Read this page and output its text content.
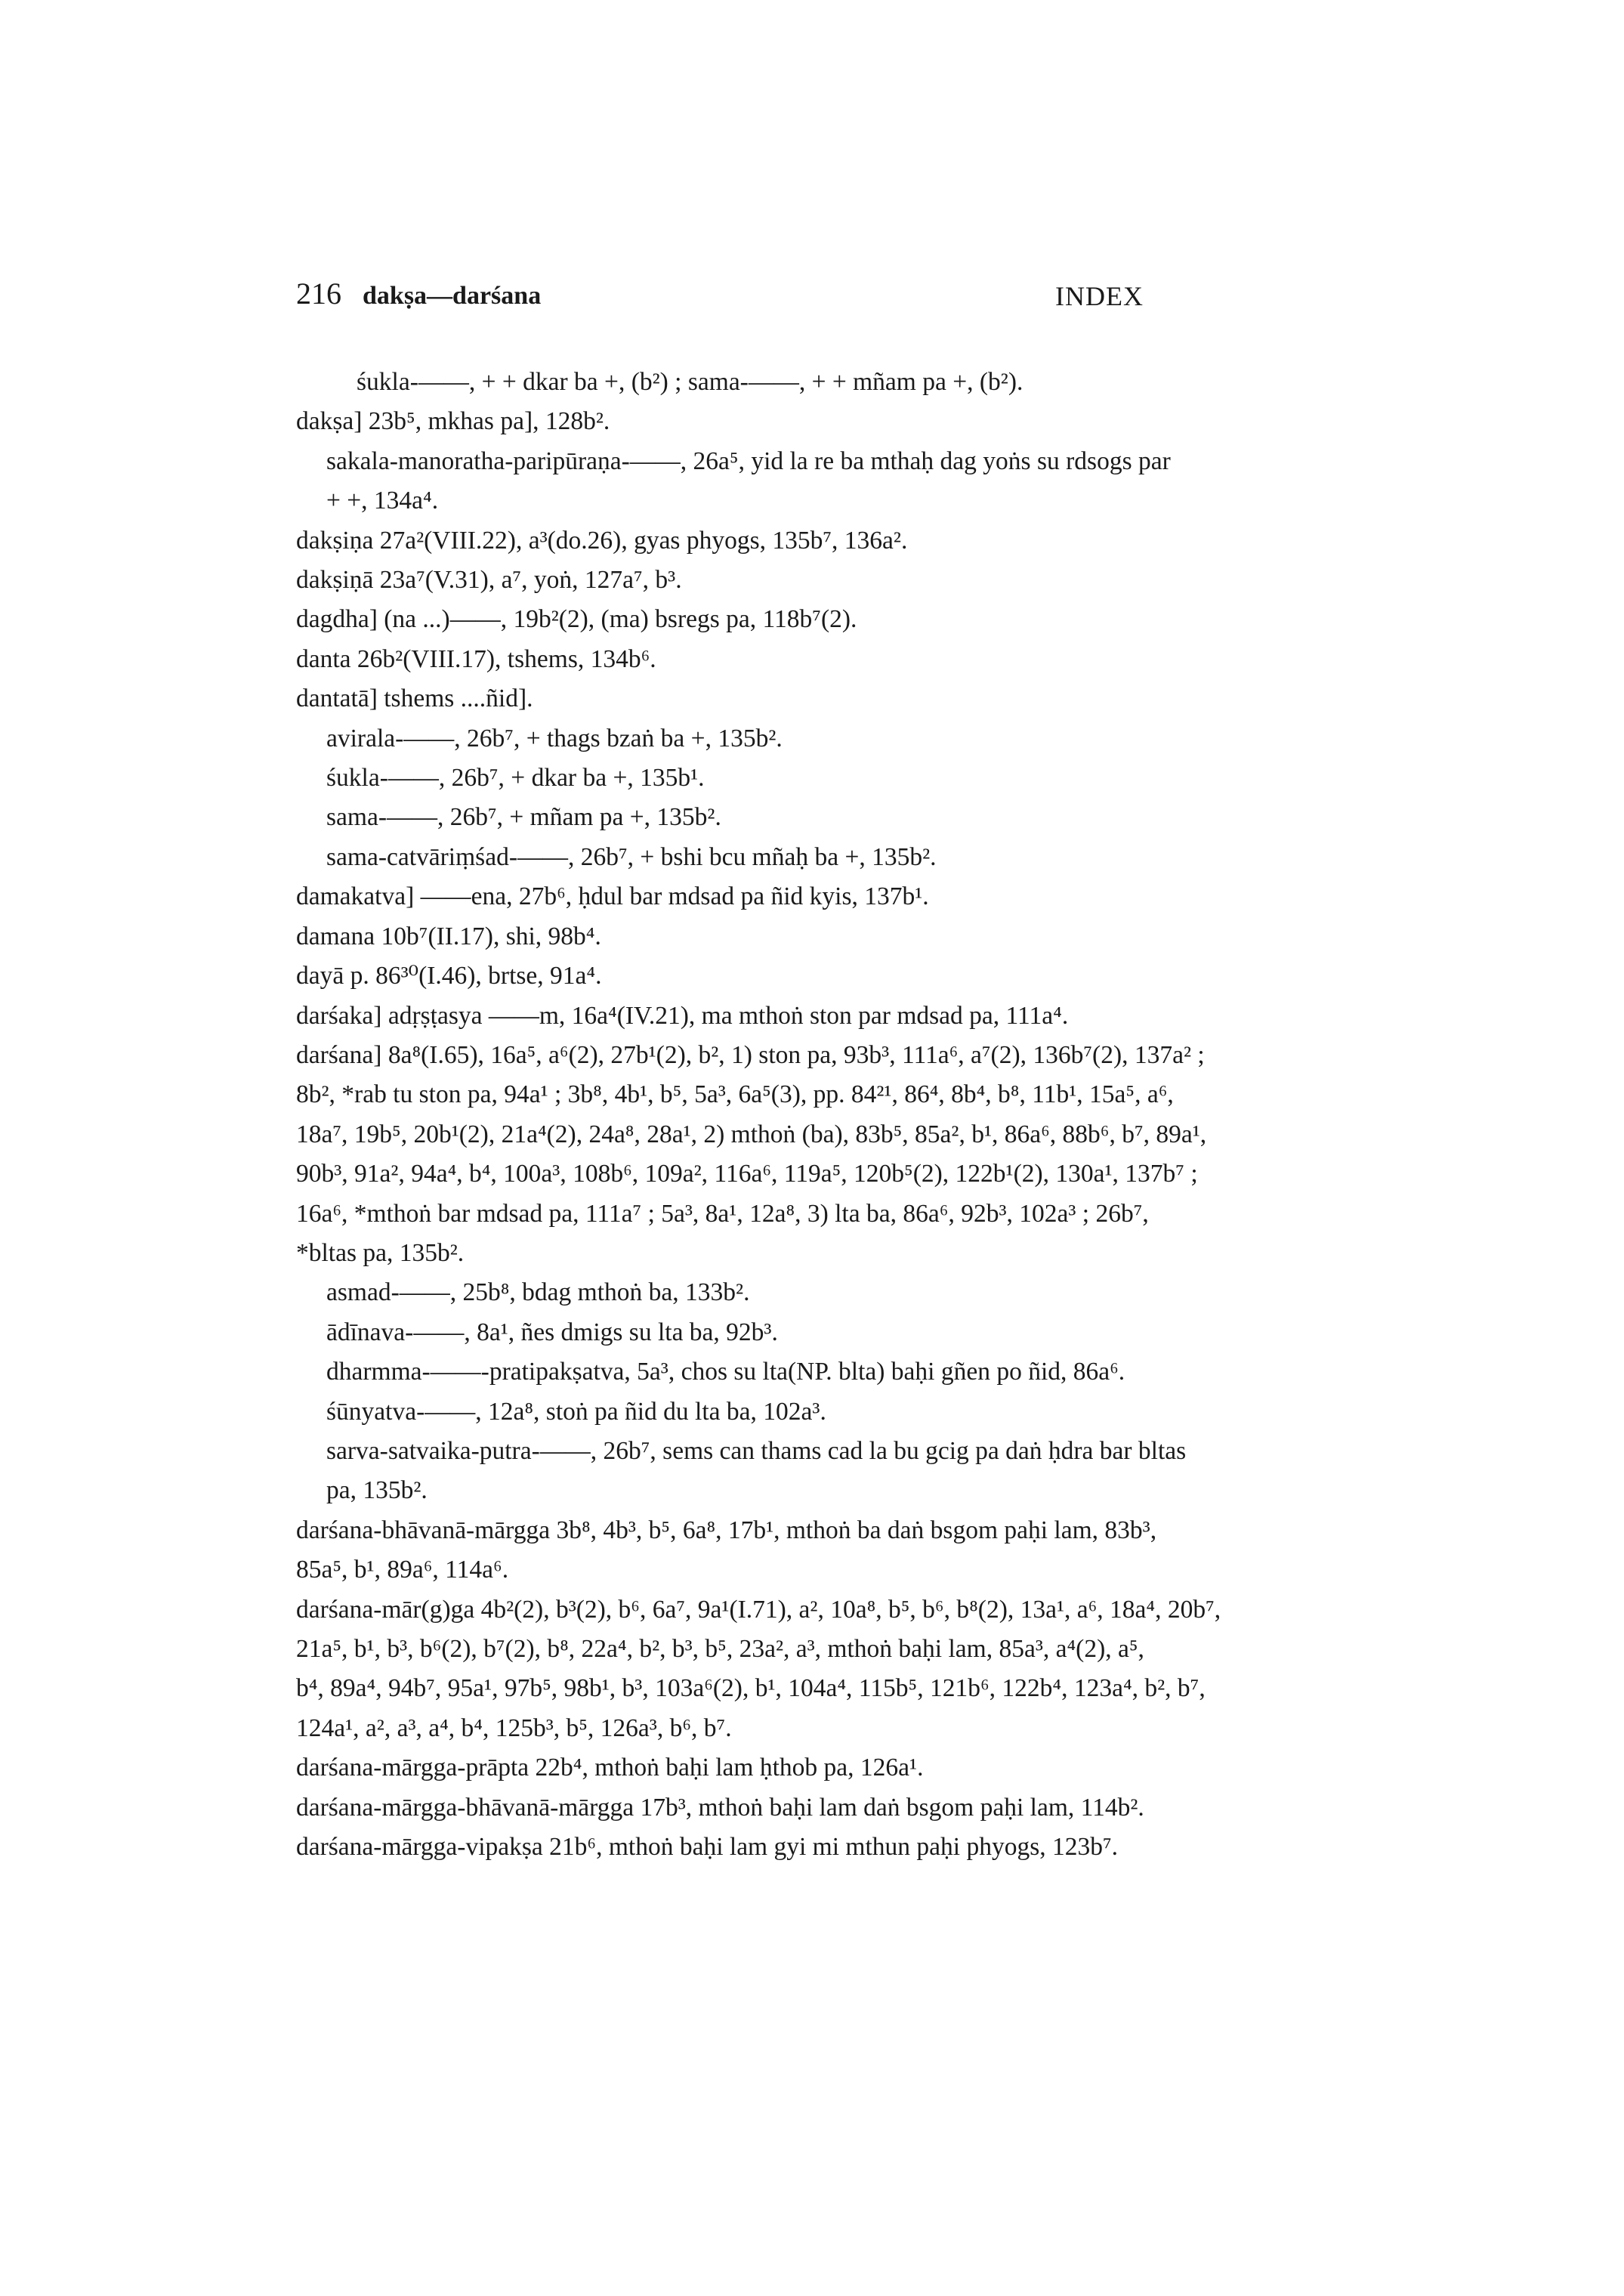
216 dakṣa—darśana	INDEX
śukla-——, + + dkar ba +, (b²) ; sama-——, + + mñam pa +, (b²).
dakṣa] 23b⁵, mkhas pa], 128b².
sakala-manoratha-paripūraṇa-——, 26a⁵, yid la re ba mthaḥ dag yoṅs su rdsogs par
+ +, 134a⁴.
dakṣiṇa 27a²(VIII.22), a³(do.26), gyas phyogs, 135b⁷, 136a².
dakṣiṇā 23a⁷(V.31), a⁷, yoṅ, 127a⁷, b³.
dagdha] (na ...)——, 19b²(2), (ma) bsregs pa, 118b⁷(2).
danta 26b²(VIII.17), tshems, 134b⁶.
dantatā] tshems ....ñid].
avirala-——, 26b⁷, + thags bzaṅ ba +, 135b².
śukla-——, 26b⁷, + dkar ba +, 135b¹.
sama-——, 26b⁷, + mñam pa +, 135b².
sama-catvāriṃśad-——, 26b⁷, + bshi bcu mñaḥ ba +, 135b².
damakatva] ——ena, 27b⁶, ḥdul bar mdsad pa ñid kyis, 137b¹.
damana 10b⁷(II.17), shi, 98b⁴.
dayā p. 86³⁰(I.46), brtse, 91a⁴.
darśaka] adṛṣṭasya ——m, 16a⁴(IV.21), ma mthoṅ ston par mdsad pa, 111a⁴.
darśana] 8a⁸(I.65), 16a⁵, a⁶(2), 27b¹(2), b², 1) ston pa, 93b³, 111a⁶, a⁷(2), 136b⁷(2), 137a² ;
8b², *rab tu ston pa, 94a¹ ; 3b⁸, 4b¹, b⁵, 5a³, 6a⁵(3), pp. 84²¹, 86⁴, 8b⁴, b⁸, 11b¹, 15a⁵, a⁶,
18a⁷, 19b⁵, 20b¹(2), 21a⁴(2), 24a⁸, 28a¹, 2) mthoṅ (ba), 83b⁵, 85a², b¹, 86a⁶, 88b⁶, b⁷, 89a¹,
90b³, 91a², 94a⁴, b⁴, 100a³, 108b⁶, 109a², 116a⁶, 119a⁵, 120b⁵(2), 122b¹(2), 130a¹, 137b⁷ ;
16a⁶, *mthoṅ bar mdsad pa, 111a⁷ ; 5a³, 8a¹, 12a⁸, 3) lta ba, 86a⁶, 92b³, 102a³ ; 26b⁷,
*bltas pa, 135b².
asmad-——, 25b⁸, bdag mthoṅ ba, 133b².
ādīnava-——, 8a¹, ñes dmigs su lta ba, 92b³.
dharmma-——-pratipakṣatva, 5a³, chos su lta(NP. blta) baḥi gñen po ñid, 86a⁶.
śūnyatva-——, 12a⁸, stoṅ pa ñid du lta ba, 102a³.
sarva-satvaika-putra-——, 26b⁷, sems can thams cad la bu gcig pa daṅ ḥdra bar bltas
pa, 135b².
darśana-bhāvanā-mārgga 3b⁸, 4b³, b⁵, 6a⁸, 17b¹, mthoṅ ba daṅ bsgom paḥi lam, 83b³,
85a⁵, b¹, 89a⁶, 114a⁶.
darśana-mār(g)ga 4b²(2), b³(2), b⁶, 6a⁷, 9a¹(I.71), a², 10a⁸, b⁵, b⁶, b⁸(2), 13a¹, a⁶, 18a⁴, 20b⁷,
21a⁵, b¹, b³, b⁶(2), b⁷(2), b⁸, 22a⁴, b², b³, b⁵, 23a², a³, mthoṅ baḥi lam, 85a³, a⁴(2), a⁵,
b⁴, 89a⁴, 94b⁷, 95a¹, 97b⁵, 98b¹, b³, 103a⁶(2), b¹, 104a⁴, 115b⁵, 121b⁶, 122b⁴, 123a⁴, b², b⁷,
124a¹, a², a³, a⁴, b⁴, 125b³, b⁵, 126a³, b⁶, b⁷.
darśana-mārgga-prāpta 22b⁴, mthoṅ baḥi lam ḥthob pa, 126a¹.
darśana-mārgga-bhāvanā-mārgga 17b³, mthoṅ baḥi lam daṅ bsgom paḥi lam, 114b².
darśana-mārgga-vipakṣa 21b⁶, mthoṅ baḥi lam gyi mi mthun paḥi phyogs, 123b⁷.
